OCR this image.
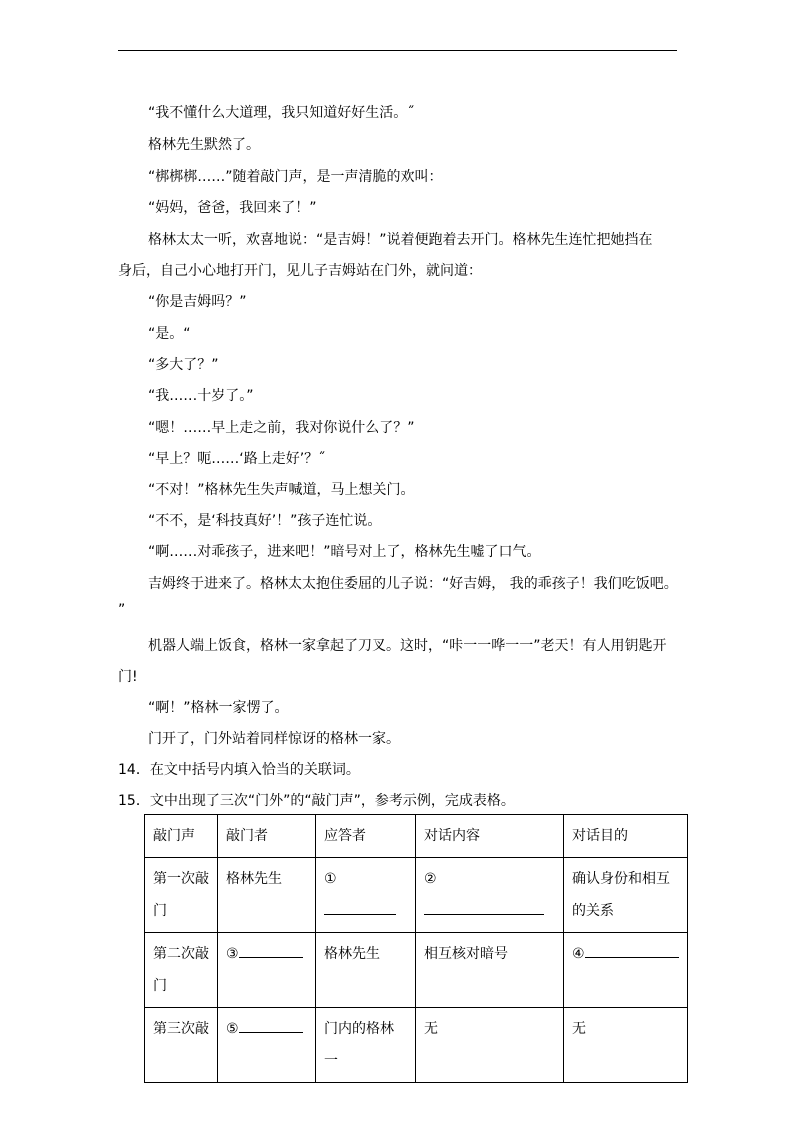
“我不懂什么大道理，我只知道好好生活。˝
格林先生默然了。
“梆梆梆……”随着敲门声，是一声清脆的欢叫：
“妈妈，爸爸，我回来了！”
格林太太一听，欢喜地说：“是吉姆！”说着便跑着去开门。格林先生连忙把她挡在
身后，自己小心地打开门，见儿子吉姆站在门外，就问道：
“你是吉姆吗？”
“是。“
“多大了？”
“我……十岁了。”
“嗯！……早上走之前，我对你说什么了？”
“早上？呃……‘路上走好’？˝
“不对！”格林先生失声喊道，马上想关门。
“不不，是‘科技真好’！”孩子连忙说。
“啊……对乖孩子，进来吧！”暗号对上了，格林先生嘘了口气。
吉姆终于进来了。格林太太抱住委屈的儿子说：“好吉姆， 我的乖孩子！我们吃饭吧。
”
机器人端上饭食，格林一家拿起了刀叉。这时，“咔一一哗一一”老天！有人用钥匙开
门!
“啊！”格林一家愣了。
门开了，门外站着同样惊讶的格林一家。
14．在文中括号内填入恰当的关联词。
15．文中出现了三次“门外”的“敲门声”，参考示例，完成表格。
敲门声	敲门者	应答者	对话内容	对话目的
第一次敲门	格林先生	①	②	确认身份和相互的关系
第二次敲门	③	格林先生	相互核对暗号	④
第三次敲	⑤	门内的格林一	无	无
